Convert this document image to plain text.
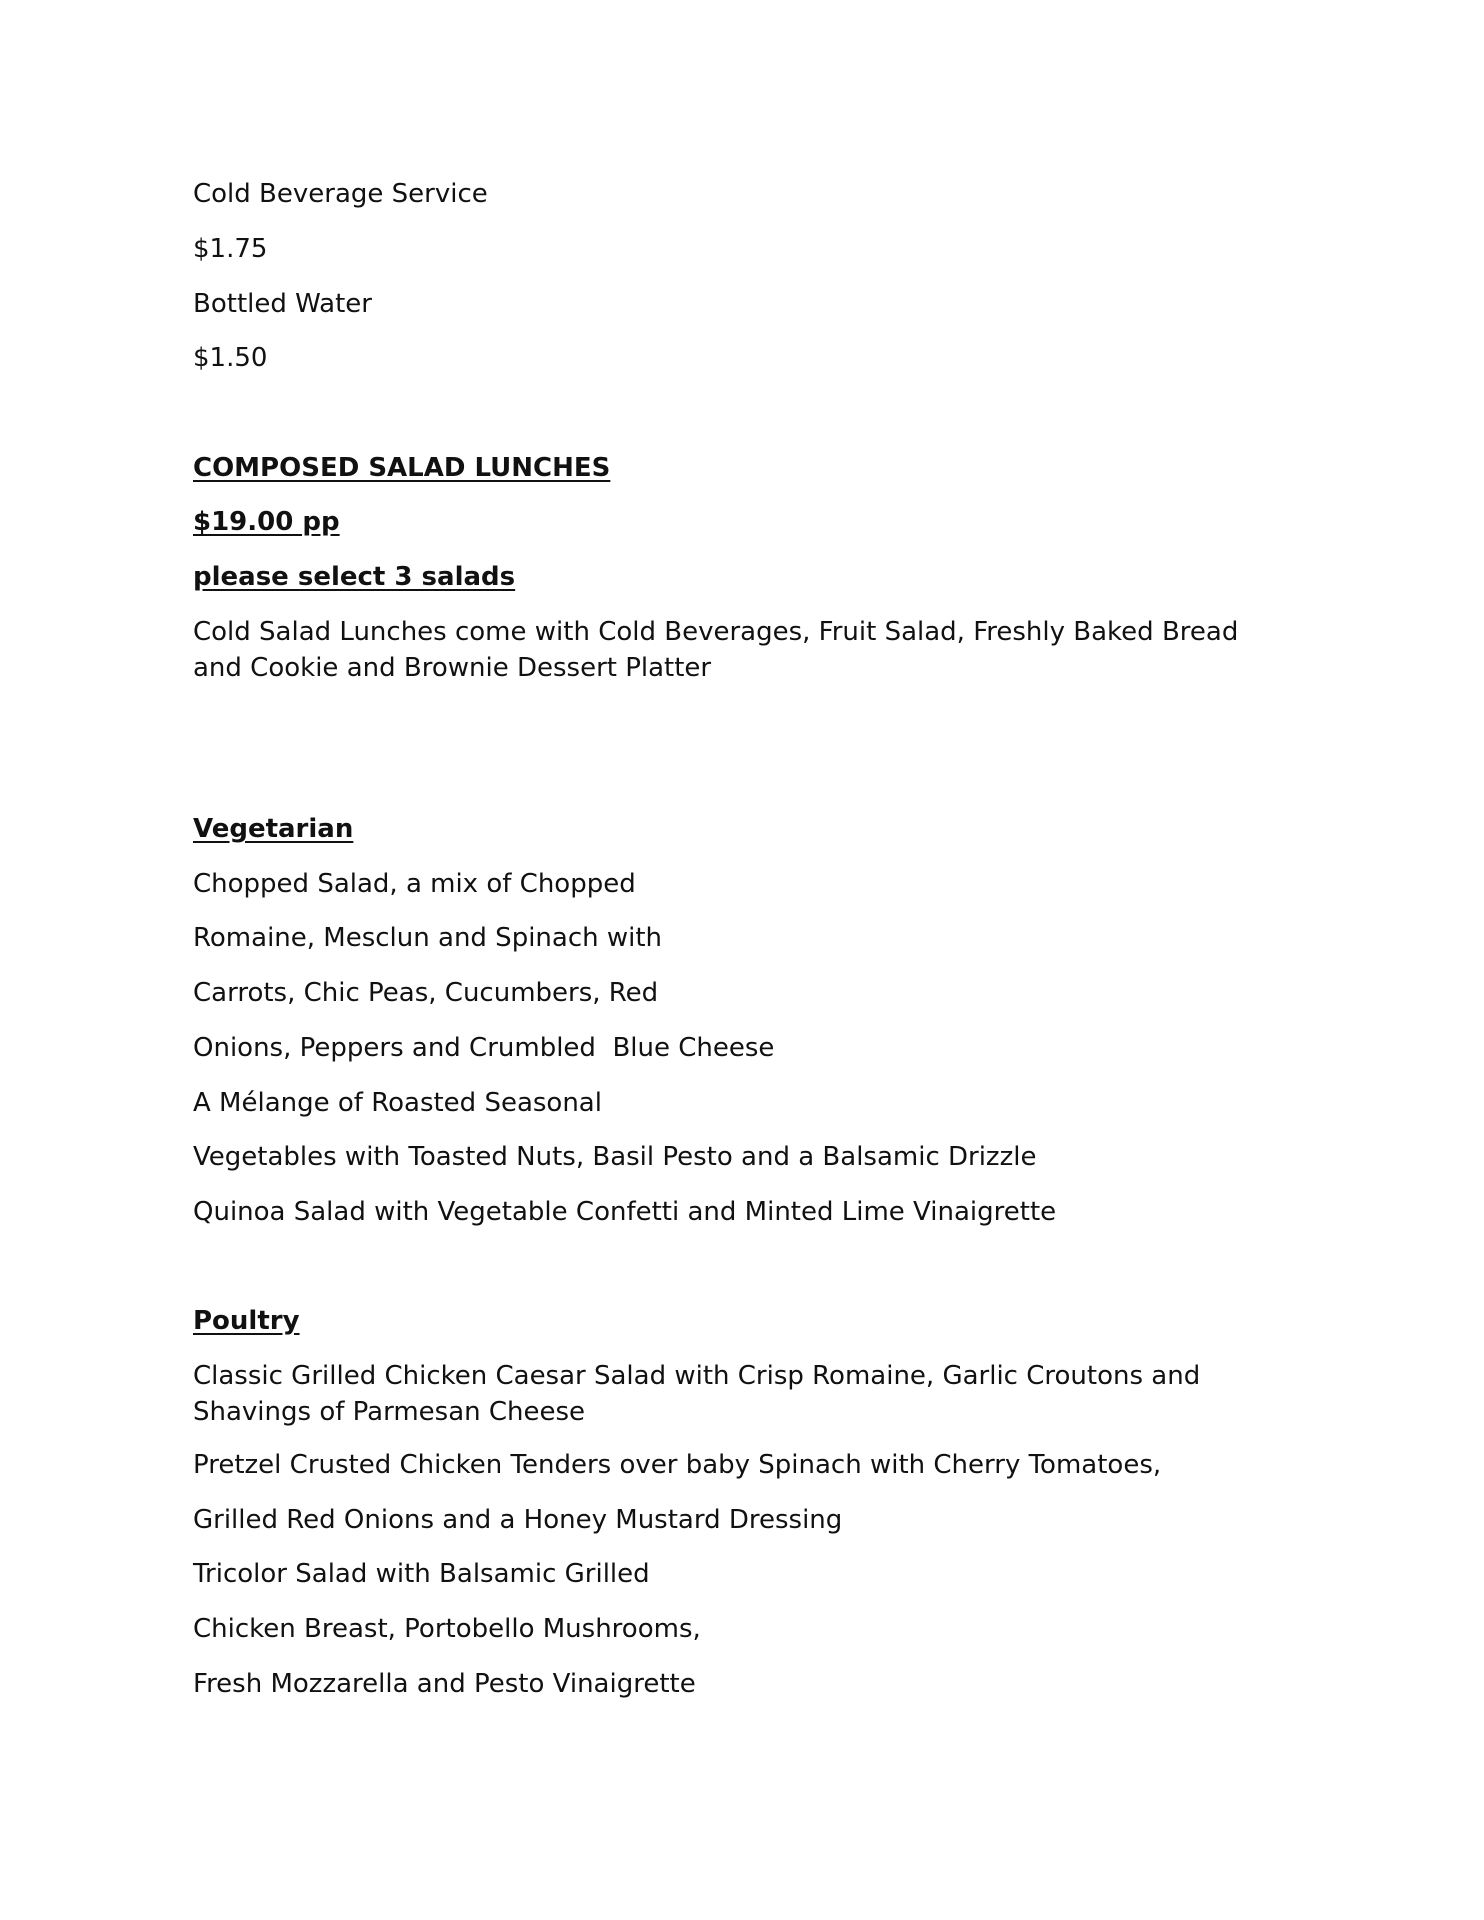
Cold Beverage Service

$1.75

Bottled Water

$1.50

COMPOSED SALAD LUNCHES

$19.00 pp

please select 3 salads

Cold Salad Lunches come with Cold Beverages, Fruit Salad, Freshly Baked Bread and Cookie and Brownie Dessert Platter

Vegetarian

Chopped Salad, a mix of Chopped

Romaine, Mesclun and Spinach with

Carrots, Chic Peas, Cucumbers, Red

Onions, Peppers and Crumbled  Blue Cheese

A Mélange of Roasted Seasonal

Vegetables with Toasted Nuts, Basil Pesto and a Balsamic Drizzle

Quinoa Salad with Vegetable Confetti and Minted Lime Vinaigrette

Poultry

Classic Grilled Chicken Caesar Salad with Crisp Romaine, Garlic Croutons and Shavings of Parmesan Cheese

Pretzel Crusted Chicken Tenders over baby Spinach with Cherry Tomatoes,

Grilled Red Onions and a Honey Mustard Dressing

Tricolor Salad with Balsamic Grilled

Chicken Breast, Portobello Mushrooms,

Fresh Mozzarella and Pesto Vinaigrette
